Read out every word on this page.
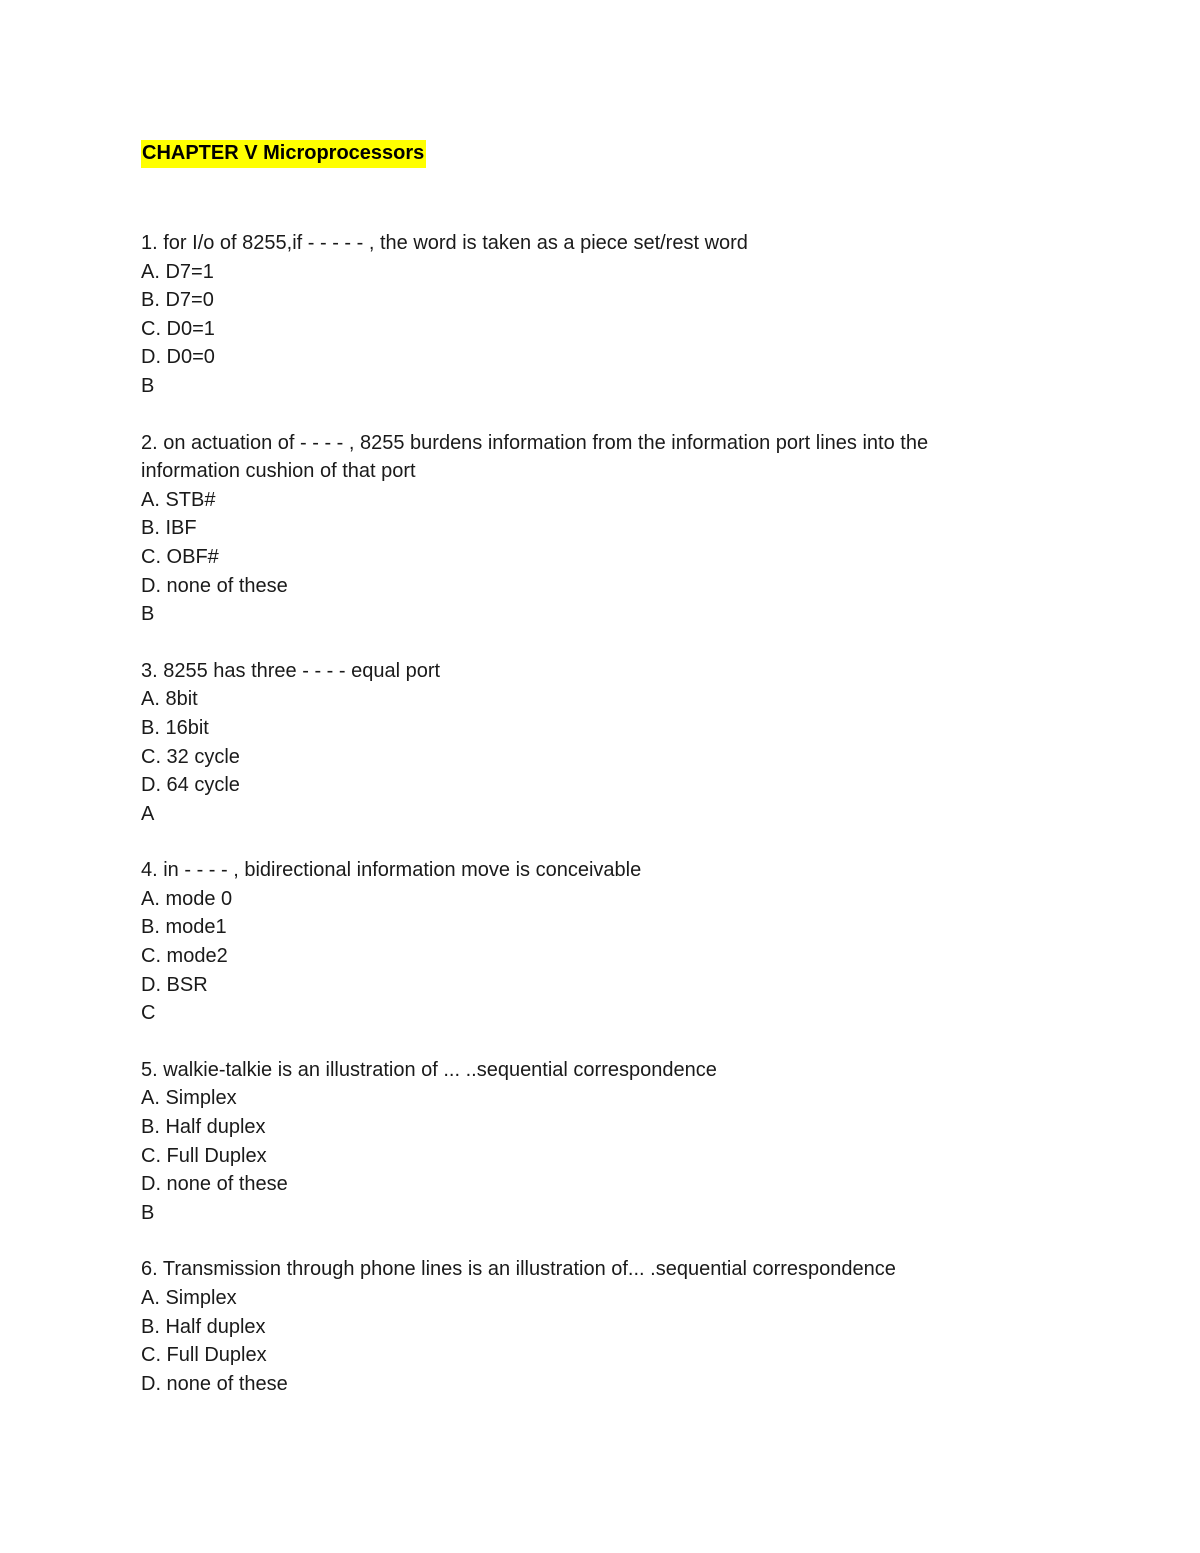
CHAPTER V Microprocessors
1. for I/o of 8255,if - - - - - , the word is taken as a piece set/rest word
A. D7=1
B. D7=0
C. D0=1
D. D0=0
B
2. on actuation of - - - - , 8255 burdens information from the information port lines into the information cushion of that port
A. STB#
B. IBF
C. OBF#
D. none of these
B
3. 8255 has three - - - - equal port
A. 8bit
B. 16bit
C. 32 cycle
D. 64 cycle
A
4. in - - - - , bidirectional information move is conceivable
A. mode 0
B. mode1
C. mode2
D. BSR
C
5. walkie-talkie is an illustration of ... ..sequential correspondence
A. Simplex
B. Half duplex
C. Full Duplex
D. none of these
B
6. Transmission through phone lines is an illustration of... .sequential correspondence
A. Simplex
B. Half duplex
C. Full Duplex
D. none of these
